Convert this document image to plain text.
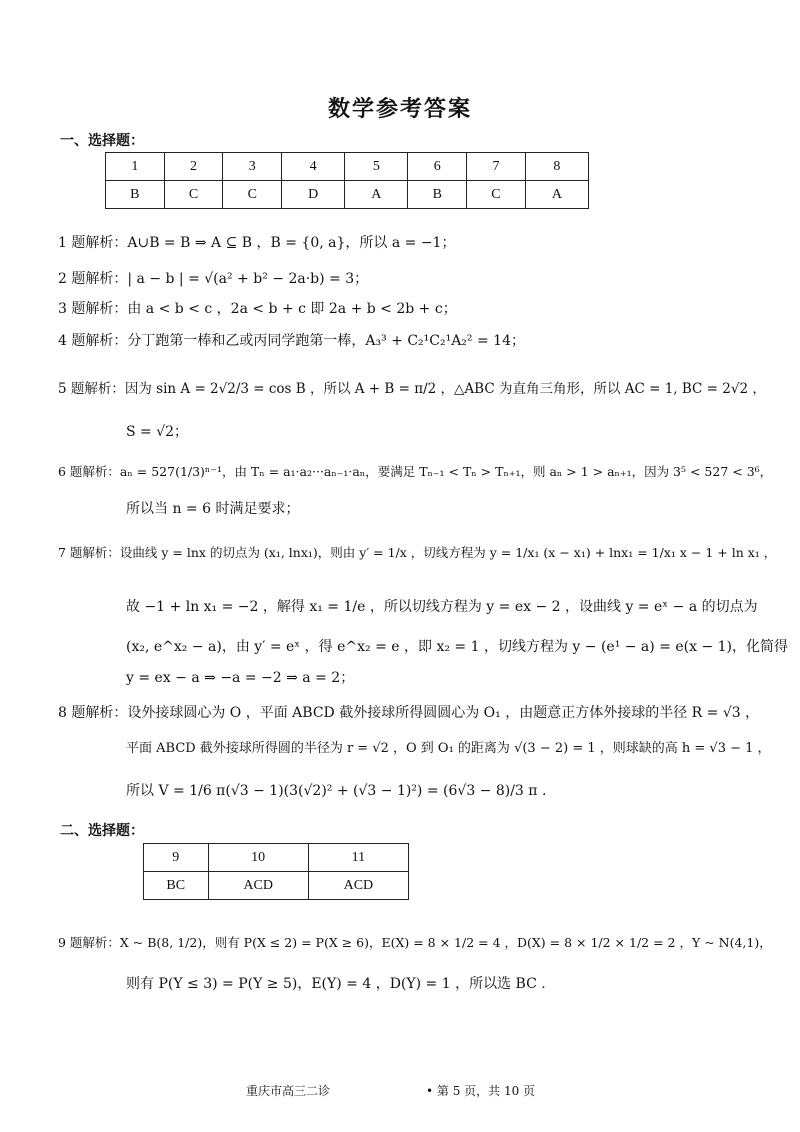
数学参考答案
一、选择题：
1	2	3	4	5	6	7	8
B	C	C	D	A	B	C	A
1 题解析：A∪B = B ⇒ A ⊆ B ，B = {0, a}，所以 a = −1；
2 题解析：| a − b | = √(a² + b² − 2a·b) = 3；
3 题解析：由 a < b < c ，2a < b + c 即 2a + b < 2b + c；
4 题解析：分丁跑第一棒和乙或丙同学跑第一棒，A₃³ + C₂¹C₂¹A₂² = 14；
5 题解析：因为 sin A = 2√2/3 = cos B ，所以 A + B = π/2 ，△ABC 为直角三角形，所以 AC = 1, BC = 2√2 ，
S = √2；
6 题解析：aₙ = 527(1/3)ⁿ⁻¹，由 Tₙ = a₁·a₂···aₙ₋₁·aₙ，要满足 Tₙ₋₁ < Tₙ > Tₙ₊₁，则 aₙ > 1 > aₙ₊₁，因为 3⁵ < 527 < 3⁶，
所以当 n = 6 时满足要求；
7 题解析：设曲线 y = lnx 的切点为 (x₁, lnx₁)，则由 y′ = 1/x ，切线方程为 y = 1/x₁ (x − x₁) + lnx₁ = 1/x₁ x − 1 + ln x₁ ，
故 −1 + ln x₁ = −2 ，解得 x₁ = 1/e ，所以切线方程为 y = ex − 2 ，设曲线 y = eˣ − a 的切点为
(x₂, e^x₂ − a)，由 y′ = eˣ ，得 e^x₂ = e ，即 x₂ = 1 ，切线方程为 y − (e¹ − a) = e(x − 1)，化简得
y = ex − a ⇒ −a = −2 ⇒ a = 2；
8 题解析：设外接球圆心为 O ，平面 ABCD 截外接球所得圆圆心为 O₁ ，由题意正方体外接球的半径 R = √3 ，
平面 ABCD 截外接球所得圆的半径为 r = √2 ，O 到 O₁ 的距离为 √(3 − 2) = 1 ，则球缺的高 h = √3 − 1 ，
所以 V = 1/6 π(√3 − 1)(3(√2)² + (√3 − 1)²) = (6√3 − 8)/3 π .
二、选择题：
9	10	11
BC	ACD	ACD
9 题解析：X ~ B(8, 1/2)，则有 P(X ≤ 2) = P(X ≥ 6)，E(X) = 8 × 1/2 = 4 ，D(X) = 8 × 1/2 × 1/2 = 2 ，Y ~ N(4,1)，
则有 P(Y ≤ 3) = P(Y ≥ 5)，E(Y) = 4 ，D(Y) = 1 ，所以选 BC .
重庆市高三二诊	• 第 5 页，共 10 页
